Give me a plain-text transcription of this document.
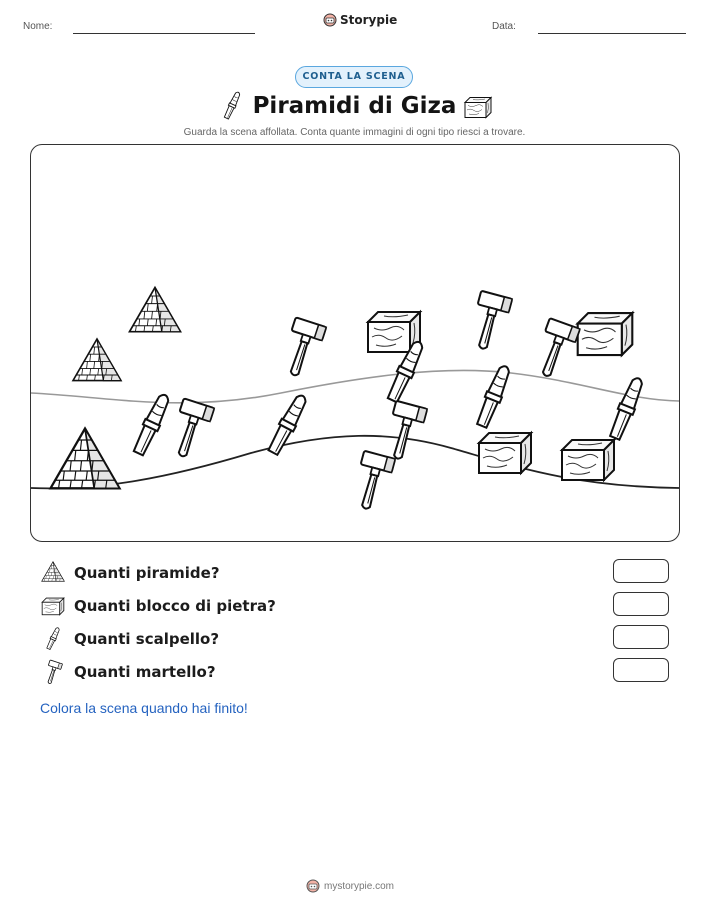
Nome:	Storypie	Data:
CONTA LA SCENA
Piramidi di Giza
Guarda la scena affollata. Conta quante immagini di ogni tipo riesci a trovare.
Quanti piramide?
Quanti blocco di pietra?
Quanti scalpello?
Quanti martello?
Colora la scena quando hai finito!
mystorypie.com
